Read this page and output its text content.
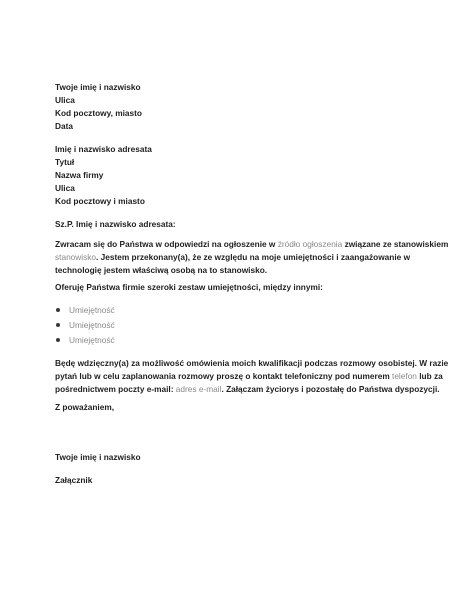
Twoje imię i nazwisko
Ulica
Kod pocztowy, miasto
Data
Imię i nazwisko adresata
Tytuł
Nazwa firmy
Ulica
Kod pocztowy i miasto
Sz.P. Imię i nazwisko adresata:
Zwracam się do Państwa w odpowiedzi na ogłoszenie w źródło ogłoszenia związane ze stanowiskiem
stanowisko. Jestem przekonany(a), że ze względu na moje umiejętności i zaangażowanie w
technologię jestem właściwą osobą na to stanowisko.
Oferuję Państwa firmie szeroki zestaw umiejętności, między innymi:
Umiejętność
Umiejętność
Umiejętność
Będę wdzięczny(a) za możliwość omówienia moich kwalifikacji podczas rozmowy osobistej. W razie
pytań lub w celu zaplanowania rozmowy proszę o kontakt telefoniczny pod numerem telefon lub za
pośrednictwem poczty e-mail: adres e-mail. Załączam życiorys i pozostałę do Państwa dyspozycji.
Z poważaniem,
Twoje imię i nazwisko
Załącznik
